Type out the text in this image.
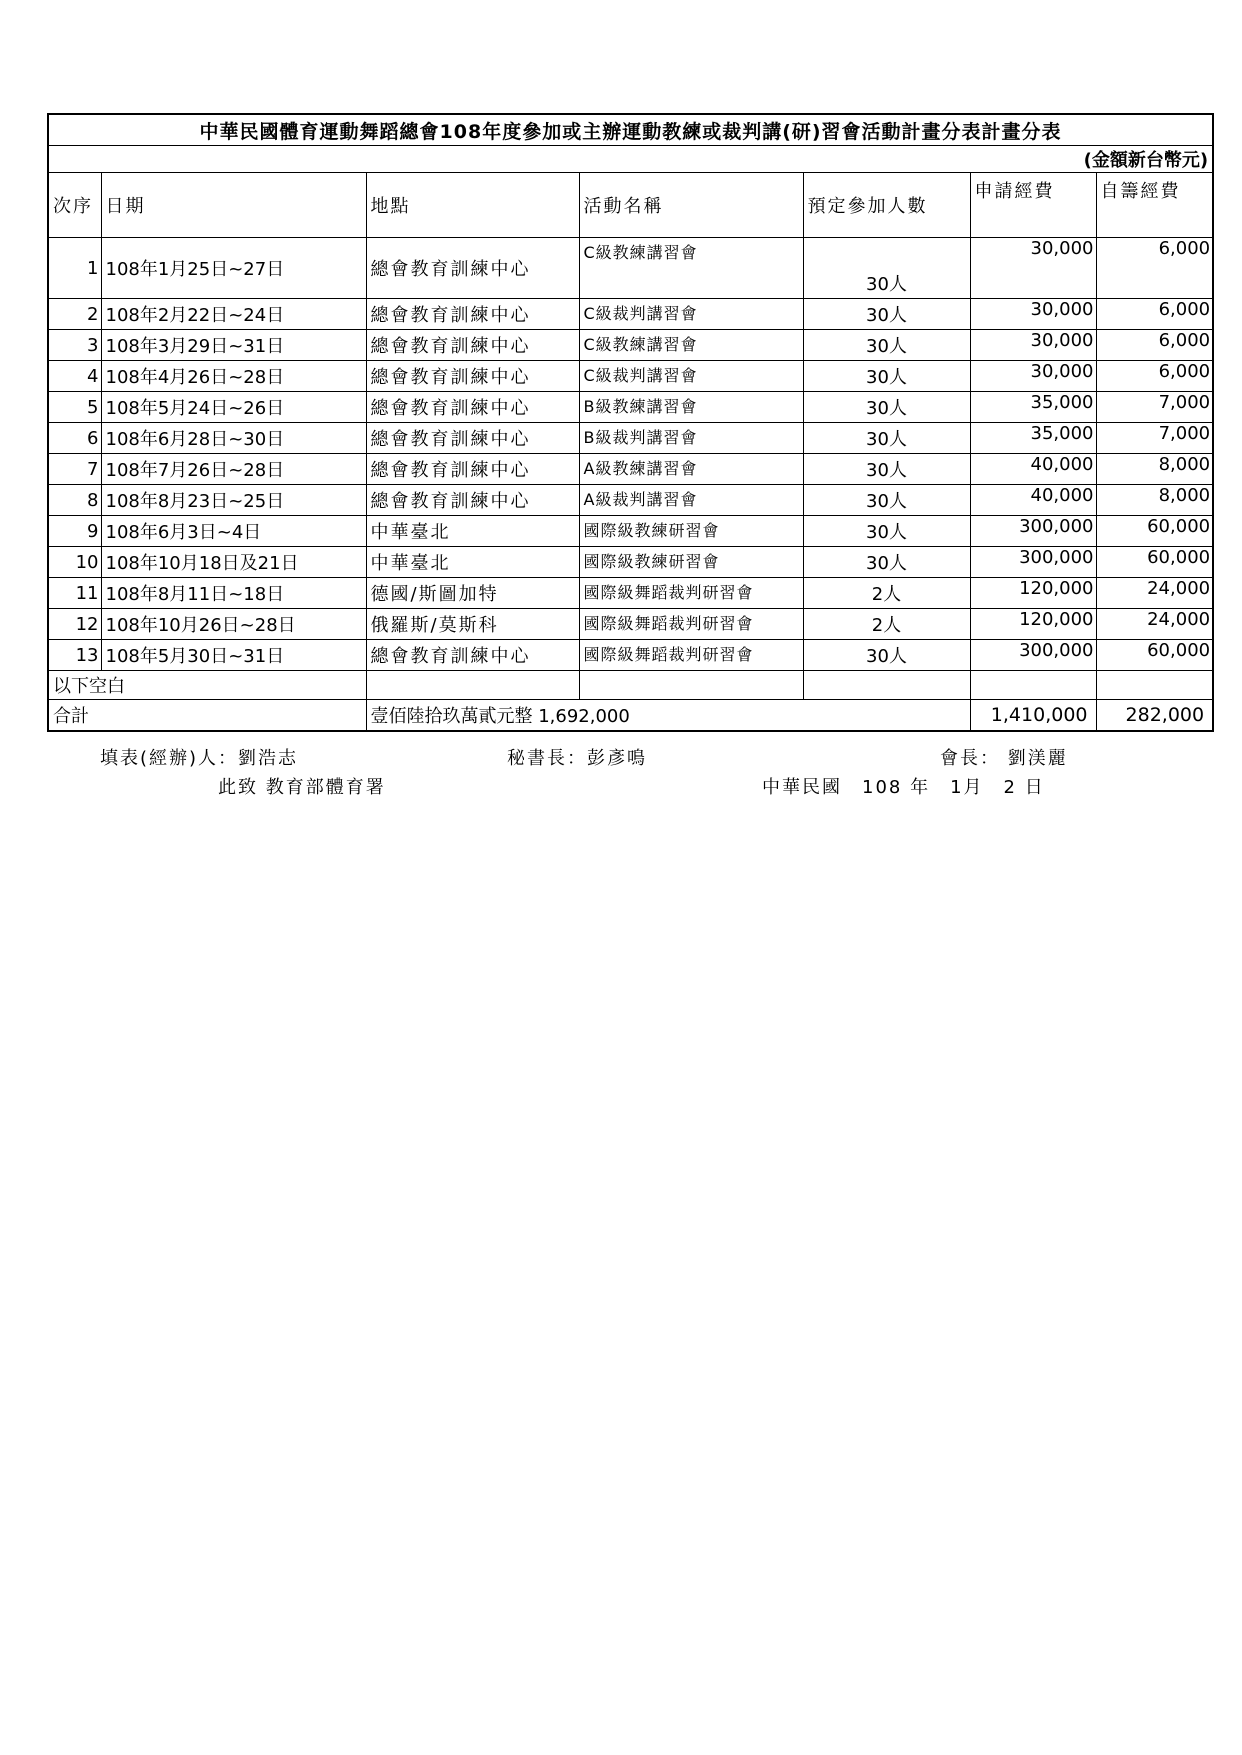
中華民國體育運動舞蹈總會108年度參加或主辦運動教練或裁判講(研)習會活動計畫分表計畫分表						
(金額新台幣元)						
次序	日期	地點	活動名稱	預定參加人數	申請經費	自籌經費
1	108年1月25日~27日	總會教育訓練中心	C級教練講習會	30人	30,000	6,000
2	108年2月22日~24日	總會教育訓練中心	C級裁判講習會	30人	30,000	6,000
3	108年3月29日~31日	總會教育訓練中心	C級教練講習會	30人	30,000	6,000
4	108年4月26日~28日	總會教育訓練中心	C級裁判講習會	30人	30,000	6,000
5	108年5月24日~26日	總會教育訓練中心	B級教練講習會	30人	35,000	7,000
6	108年6月28日~30日	總會教育訓練中心	B級裁判講習會	30人	35,000	7,000
7	108年7月26日~28日	總會教育訓練中心	A級教練講習會	30人	40,000	8,000
8	108年8月23日~25日	總會教育訓練中心	A級裁判講習會	30人	40,000	8,000
9	108年6月3日~4日	中華臺北	國際級教練研習會	30人	300,000	60,000
10	108年10月18日及21日	中華臺北	國際級教練研習會	30人	300,000	60,000
11	108年8月11日~18日	德國/斯圖加特	國際級舞蹈裁判研習會	2人	120,000	24,000
12	108年10月26日~28日	俄羅斯/莫斯科	國際級舞蹈裁判研習會	2人	120,000	24,000
13	108年5月30日~31日	總會教育訓練中心	國際級舞蹈裁判研習會	30人	300,000	60,000
以下空白						
合計		壹佰陸拾玖萬貳元整 1,692,000			1,410,000	282,000
填表(經辦)人：劉浩志	秘書長：彭彥鳴	會長： 劉渼麗
此致 教育部體育署	中華民國　108 年　1月　2 日
